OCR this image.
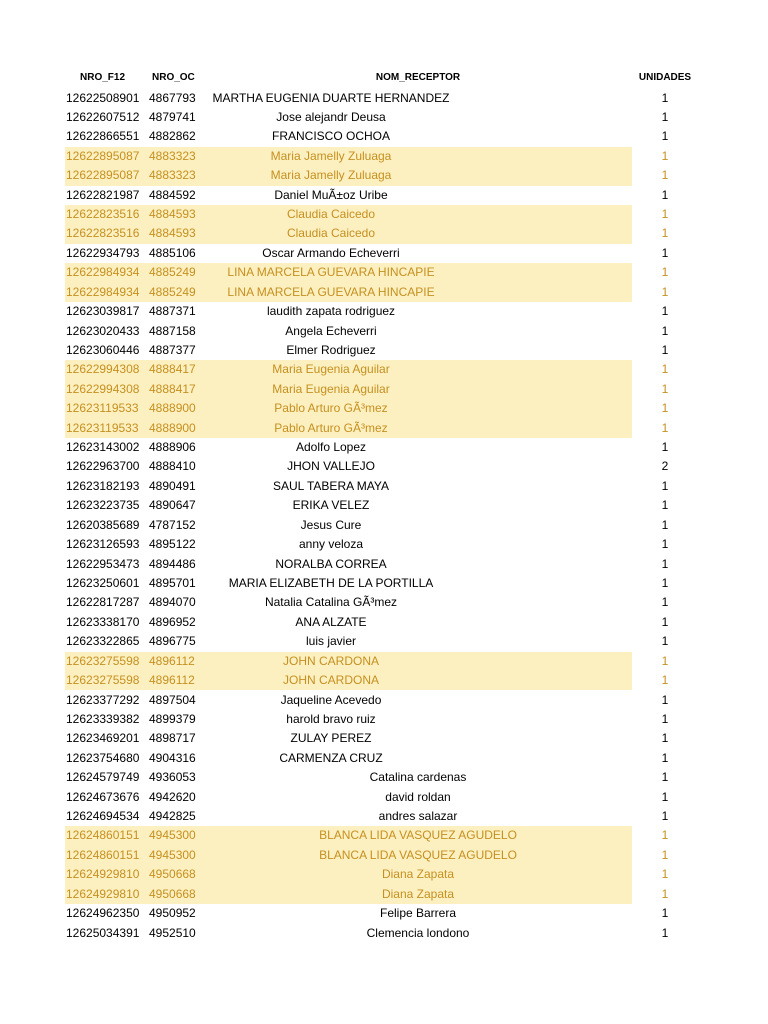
NRO_F12	NRO_OC	NOM_RECEPTOR	UNIDADES
12622508901 4867793	MARTHA EUGENIA DUARTE HERNANDEZ	1
12622607512 4879741	Jose alejandr Deusa	1
12622866551 4882862	FRANCISCO OCHOA	1
12622895087 4883323	Maria Jamelly Zuluaga	1
12622895087 4883323	Maria Jamelly Zuluaga	1
12622821987 4884592	Daniel MuÃ±oz Uribe	1
12622823516 4884593	Claudia Caicedo	1
12622823516 4884593	Claudia Caicedo	1
12622934793 4885106	Oscar Armando Echeverri	1
12622984934 4885249	LINA MARCELA GUEVARA HINCAPIE	1
12622984934 4885249	LINA MARCELA GUEVARA HINCAPIE	1
12623039817 4887371	laudith zapata rodriguez	1
12623020433 4887158	Angela Echeverri	1
12623060446 4887377	Elmer Rodriguez	1
12622994308 4888417	Maria Eugenia Aguilar	1
12622994308 4888417	Maria Eugenia Aguilar	1
12623119533 4888900	Pablo Arturo GÃ³mez	1
12623119533 4888900	Pablo Arturo GÃ³mez	1
12623143002 4888906	Adolfo Lopez	1
12622963700 4888410	JHON VALLEJO	2
12623182193 4890491	SAUL TABERA MAYA	1
12623223735 4890647	ERIKA VELEZ	1
12620385689 4787152	Jesus Cure	1
12623126593 4895122	anny veloza	1
12622953473 4894486	NORALBA CORREA	1
12623250601 4895701	MARIA ELIZABETH DE LA PORTILLA	1
12622817287 4894070	Natalia Catalina GÃ³mez	1
12623338170 4896952	ANA ALZATE	1
12623322865 4896775	luis javier	1
12623275598 4896112	JOHN CARDONA	1
12623275598 4896112	JOHN CARDONA	1
12623377292 4897504	Jaqueline Acevedo	1
12623339382 4899379	harold bravo ruiz	1
12623469201 4898717	ZULAY PEREZ	1
12623754680 4904316	CARMENZA CRUZ	1
12624579749 4936053	Catalina cardenas	1
12624673676 4942620	david roldan	1
12624694534 4942825	andres salazar	1
12624860151 4945300	BLANCA LIDA VASQUEZ AGUDELO	1
12624860151 4945300	BLANCA LIDA VASQUEZ AGUDELO	1
12624929810 4950668	Diana Zapata	1
12624929810 4950668	Diana Zapata	1
12624962350 4950952	Felipe Barrera	1
12625034391 4952510	Clemencia londono	1
